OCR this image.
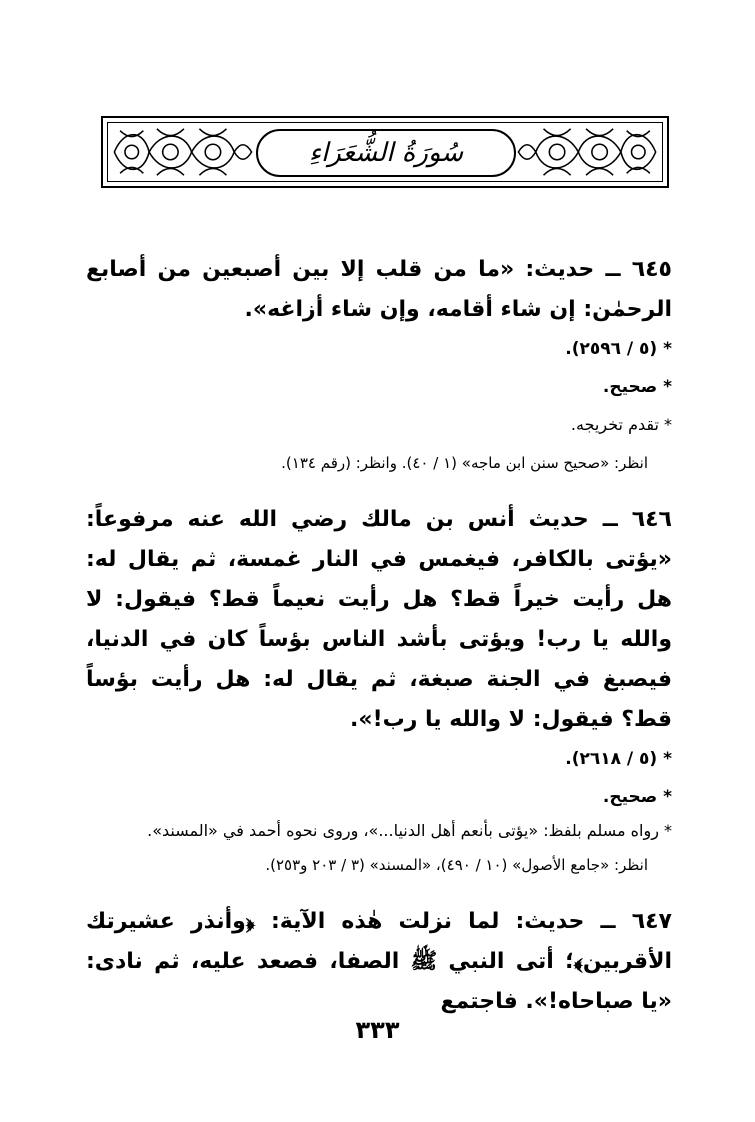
سُورَةُ الشُّعَرَاءِ

٦٤٥ ــ حديث: «ما من قلب إلا بين أصبعين من أصابع الرحمٰن: إن شاء أقامه، وإن شاء أزاغه».

* (٥ / ٢٥٩٦).

* صحيح.

* تقدم تخريجه.

انظر: «صحيح سنن ابن ماجه» (١ / ٤٠). وانظر: (رقم ١٣٤).

٦٤٦ ــ حديث أنس بن مالك رضي الله عنه مرفوعاً: «يؤتى بالكافر، فيغمس في النار غمسة، ثم يقال له: هل رأيت خيراً قط؟ هل رأيت نعيماً قط؟ فيقول: لا والله يا رب! ويؤتى بأشد الناس بؤساً كان في الدنيا، فيصبغ في الجنة صبغة، ثم يقال له: هل رأيت بؤساً قط؟ فيقول: لا والله يا رب!».

* (٥ / ٢٦١٨).

* صحيح.

* رواه مسلم بلفظ: «يؤتى بأنعم أهل الدنيا...»، وروى نحوه أحمد في «المسند».

انظر: «جامع الأصول» (١٠ / ٤٩٠)، «المسند» (٣ / ٢٠٣ و٢٥٣).

٦٤٧ ــ حديث: لما نزلت هٰذه الآية: ﴿وأنذر عشيرتك الأقربين﴾؛ أتى النبي ﷺ الصفا، فصعد عليه، ثم نادى: «يا صباحاه!». فاجتمع

٣٣٣
